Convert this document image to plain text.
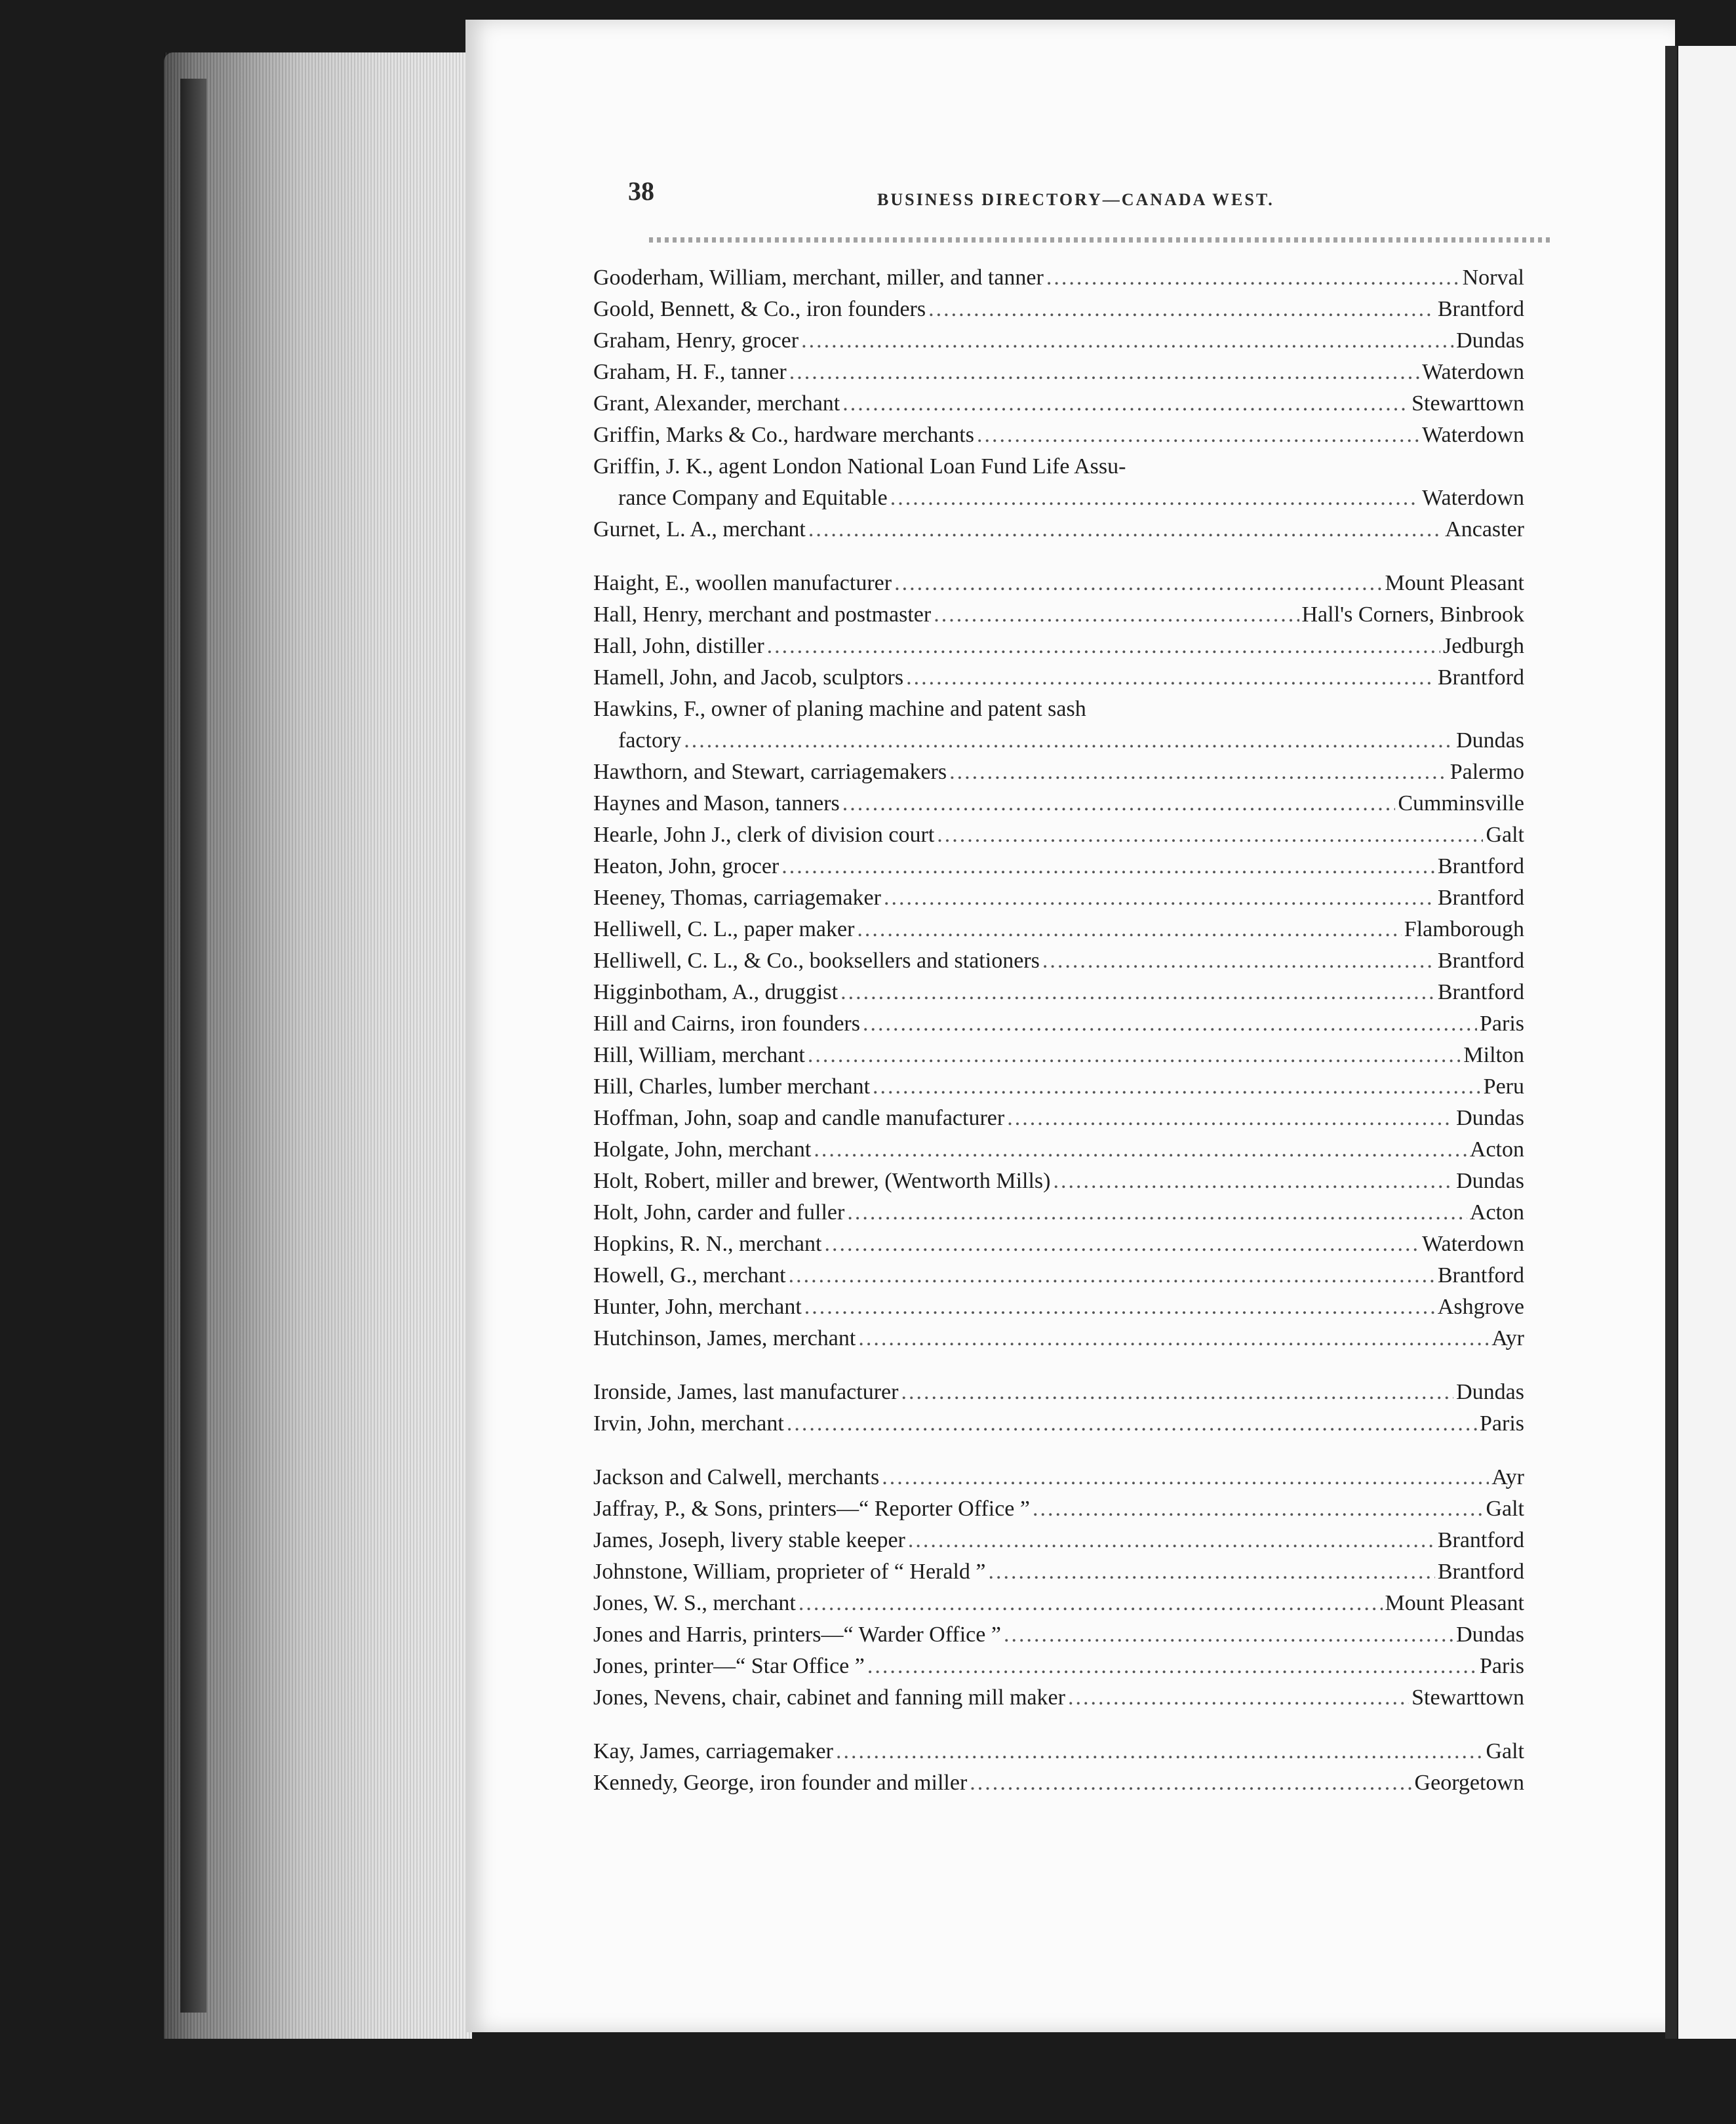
38	BUSINESS DIRECTORY—CANADA WEST.
Gooderham, William, merchant, miller, and tanner .....	Norval
Goold, Bennett, & Co., iron founders .....	Brantford
Graham, Henry, grocer .....	Dundas
Graham, H. F., tanner .....	Waterdown
Grant, Alexander, merchant .....	Stewarttown
Griffin, Marks & Co., hardware merchants .....	Waterdown
Griffin, J. K., agent London National Loan Fund Life Assu-
rance Company and Equitable .....	Waterdown
Gurnet, L. A., merchant .....	Ancaster
Haight, E., woollen manufacturer .....	Mount Pleasant
Hall, Henry, merchant and postmaster .....	Hall's Corners, Binbrook
Hall, John, distiller .....	Jedburgh
Hamell, John, and Jacob, sculptors .....	Brantford
Hawkins, F., owner of planing machine and patent sash
factory .....	Dundas
Hawthorn, and Stewart, carriagemakers .....	Palermo
Haynes and Mason, tanners .....	Cumminsville
Hearle, John J., clerk of division court .....	Galt
Heaton, John, grocer .....	Brantford
Heeney, Thomas, carriagemaker .....	Brantford
Helliwell, C. L., paper maker .....	Flamborough
Helliwell, C. L., & Co., booksellers and stationers .....	Brantford
Higginbotham, A., druggist .....	Brantford
Hill and Cairns, iron founders .....	Paris
Hill, William, merchant .....	Milton
Hill, Charles, lumber merchant .....	Peru
Hoffman, John, soap and candle manufacturer .....	Dundas
Holgate, John, merchant .....	Acton
Holt, Robert, miller and brewer, (Wentworth Mills) .....	Dundas
Holt, John, carder and fuller .....	Acton
Hopkins, R. N., merchant .....	Waterdown
Howell, G., merchant .....	Brantford
Hunter, John, merchant .....	Ashgrove
Hutchinson, James, merchant .....	Ayr
Ironside, James, last manufacturer .....	Dundas
Irvin, John, merchant .....	Paris
Jackson and Calwell, merchants .....	Ayr
Jaffray, P., & Sons, printers—“ Reporter Office ” .....	Galt
James, Joseph, livery stable keeper .....	Brantford
Johnstone, William, proprieter of “ Herald ” .....	Brantford
Jones, W. S., merchant .....	Mount Pleasant
Jones and Harris, printers—“ Warder Office ” .....	Dundas
Jones, printer—“ Star Office ” .....	Paris
Jones, Nevens, chair, cabinet and fanning mill maker .....	Stewarttown
Kay, James, carriagemaker .....	Galt
Kennedy, George, iron founder and miller .....	Georgetown
